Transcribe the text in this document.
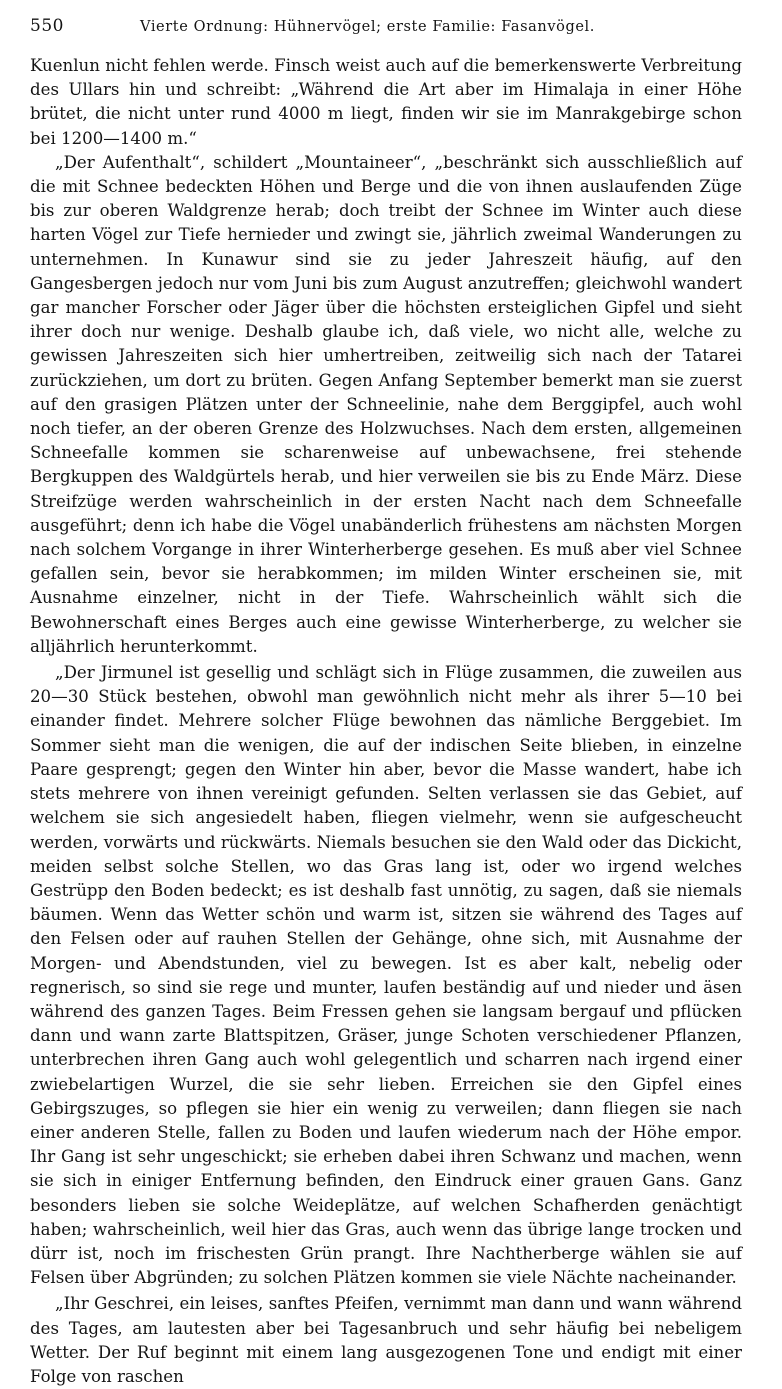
550	Vierte Ordnung: Hühnervögel; erste Familie: Fasanvögel.

Kuenlun nicht fehlen werde. Finsch weist auch auf die bemerkenswerte Verbreitung des Ullars hin und schreibt: „Während die Art aber im Himalaja in einer Höhe brütet, die nicht unter rund 4000 m liegt, finden wir sie im Manrakgebirge schon bei 1200—1400 m.“

„Der Aufenthalt“, schildert „Mountaineer“, „beschränkt sich ausschließlich auf die mit Schnee bedeckten Höhen und Berge und die von ihnen auslaufenden Züge bis zur oberen Waldgrenze herab; doch treibt der Schnee im Winter auch diese harten Vögel zur Tiefe hernieder und zwingt sie, jährlich zweimal Wanderungen zu unternehmen. In Kunawur sind sie zu jeder Jahreszeit häufig, auf den Gangesbergen jedoch nur vom Juni bis zum August anzutreffen; gleichwohl wandert gar mancher Forscher oder Jäger über die höchsten ersteiglichen Gipfel und sieht ihrer doch nur wenige. Deshalb glaube ich, daß viele, wo nicht alle, welche zu gewissen Jahreszeiten sich hier umhertreiben, zeitweilig sich nach der Tatarei zurückziehen, um dort zu brüten. Gegen Anfang September bemerkt man sie zuerst auf den grasigen Plätzen unter der Schneelinie, nahe dem Berggipfel, auch wohl noch tiefer, an der oberen Grenze des Holzwuchses. Nach dem ersten, allgemeinen Schneefalle kommen sie scharenweise auf unbewachsene, frei stehende Bergkuppen des Waldgürtels herab, und hier verweilen sie bis zu Ende März. Diese Streifzüge werden wahrscheinlich in der ersten Nacht nach dem Schneefalle ausgeführt; denn ich habe die Vögel unabänderlich frühestens am nächsten Morgen nach solchem Vorgange in ihrer Winterherberge gesehen. Es muß aber viel Schnee gefallen sein, bevor sie herabkommen; im milden Winter erscheinen sie, mit Ausnahme einzelner, nicht in der Tiefe. Wahrscheinlich wählt sich die Bewohnerschaft eines Berges auch eine gewisse Winterherberge, zu welcher sie alljährlich herunterkommt.

„Der Jirmunel ist gesellig und schlägt sich in Flüge zusammen, die zuweilen aus 20—30 Stück bestehen, obwohl man gewöhnlich nicht mehr als ihrer 5—10 bei einander findet. Mehrere solcher Flüge bewohnen das nämliche Berggebiet. Im Sommer sieht man die wenigen, die auf der indischen Seite blieben, in einzelne Paare gesprengt; gegen den Winter hin aber, bevor die Masse wandert, habe ich stets mehrere von ihnen vereinigt gefunden. Selten verlassen sie das Gebiet, auf welchem sie sich angesiedelt haben, fliegen vielmehr, wenn sie aufgescheucht werden, vorwärts und rückwärts. Niemals besuchen sie den Wald oder das Dickicht, meiden selbst solche Stellen, wo das Gras lang ist, oder wo irgend welches Gestrüpp den Boden bedeckt; es ist deshalb fast unnötig, zu sagen, daß sie niemals bäumen. Wenn das Wetter schön und warm ist, sitzen sie während des Tages auf den Felsen oder auf rauhen Stellen der Gehänge, ohne sich, mit Ausnahme der Morgen- und Abendstunden, viel zu bewegen. Ist es aber kalt, nebelig oder regnerisch, so sind sie rege und munter, laufen beständig auf und nieder und äsen während des ganzen Tages. Beim Fressen gehen sie langsam bergauf und pflücken dann und wann zarte Blattspitzen, Gräser, junge Schoten verschiedener Pflanzen, unterbrechen ihren Gang auch wohl gelegentlich und scharren nach irgend einer zwiebelartigen Wurzel, die sie sehr lieben. Erreichen sie den Gipfel eines Gebirgszuges, so pflegen sie hier ein wenig zu verweilen; dann fliegen sie nach einer anderen Stelle, fallen zu Boden und laufen wiederum nach der Höhe empor. Ihr Gang ist sehr ungeschickt; sie erheben dabei ihren Schwanz und machen, wenn sie sich in einiger Entfernung befinden, den Eindruck einer grauen Gans. Ganz besonders lieben sie solche Weideplätze, auf welchen Schafherden genächtigt haben; wahrscheinlich, weil hier das Gras, auch wenn das übrige lange trocken und dürr ist, noch im frischesten Grün prangt. Ihre Nachtherberge wählen sie auf Felsen über Abgründen; zu solchen Plätzen kommen sie viele Nächte nacheinander.

„Ihr Geschrei, ein leises, sanftes Pfeifen, vernimmt man dann und wann während des Tages, am lautesten aber bei Tagesanbruch und sehr häufig bei nebeligem Wetter. Der Ruf beginnt mit einem lang ausgezogenen Tone und endigt mit einer Folge von raschen
